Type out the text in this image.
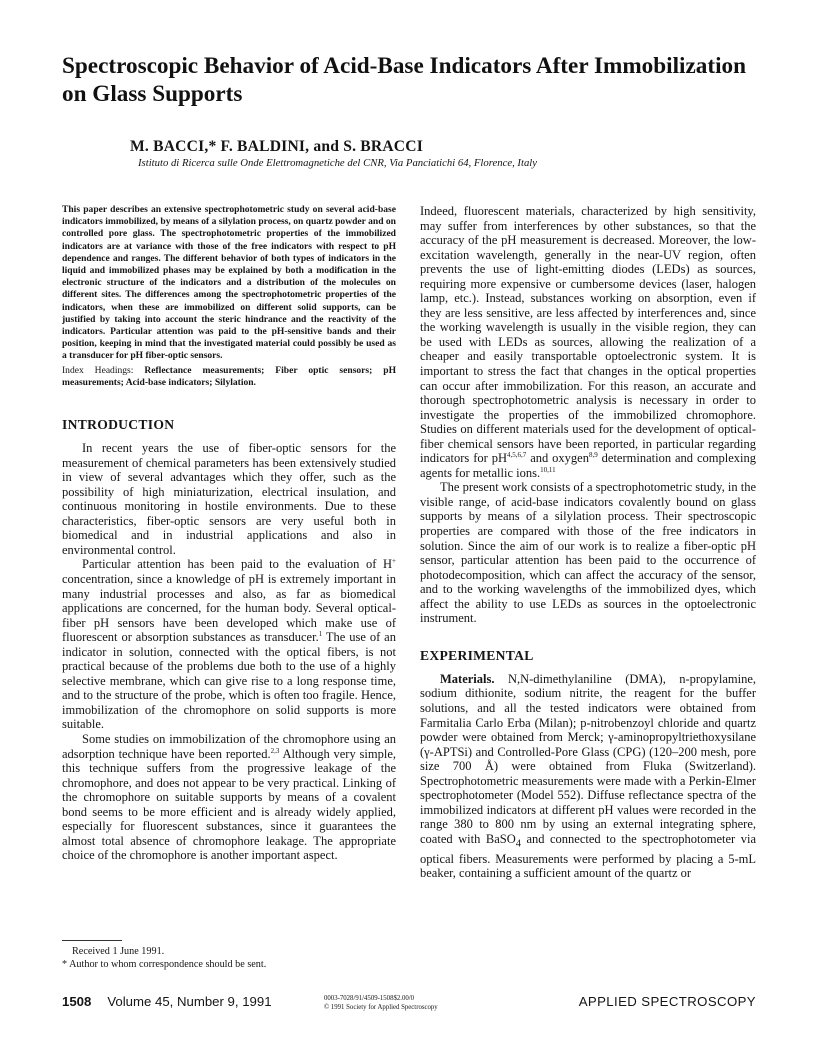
Spectroscopic Behavior of Acid-Base Indicators After Immobilization on Glass Supports

M. BACCI,* F. BALDINI, and S. BRACCI

Istituto di Ricerca sulle Onde Elettromagnetiche del CNR, Via Panciatichi 64, Florence, Italy

This paper describes an extensive spectrophotometric study on several acid-base indicators immobilized, by means of a silylation process, on quartz powder and on controlled pore glass. The spectrophotometric properties of the immobilized indicators are at variance with those of the free indicators with respect to pH dependence and ranges. The different behavior of both types of indicators in the liquid and immobilized phases may be explained by both a modification in the electronic structure of the indicators and a distribution of the molecules on different sites. The differences among the spectrophotometric properties of the indicators, when these are immobilized on different solid supports, can be justified by taking into account the steric hindrance and the reactivity of the indicators. Particular attention was paid to the pH-sensitive bands and their position, keeping in mind that the investigated material could possibly be used as a transducer for pH fiber-optic sensors.

Index Headings: Reflectance measurements; Fiber optic sensors; pH measurements; Acid-base indicators; Silylation.

INTRODUCTION

In recent years the use of fiber-optic sensors for the measurement of chemical parameters has been extensively studied in view of several advantages which they offer, such as the possibility of high miniaturization, electrical insulation, and continuous monitoring in hostile environments. Due to these characteristics, fiber-optic sensors are very useful both in biomedical and in industrial applications and also in environmental control.

Particular attention has been paid to the evaluation of H+ concentration, since a knowledge of pH is extremely important in many industrial processes and also, as far as biomedical applications are concerned, for the human body. Several optical-fiber pH sensors have been developed which make use of fluorescent or absorption substances as transducer.$^1$ The use of an indicator in solution, connected with the optical fibers, is not practical because of the problems due both to the use of a highly selective membrane, which can give rise to a long response time, and to the structure of the probe, which is often too fragile. Hence, immobilization of the chromophore on solid supports is more suitable.

Some studies on immobilization of the chromophore using an adsorption technique have been reported.$^{2,3}$ Although very simple, this technique suffers from the progressive leakage of the chromophore, and does not appear to be very practical. Linking of the chromophore on suitable supports by means of a covalent bond seems to be more efficient and is already widely applied, especially for fluorescent substances, since it guarantees the almost total absence of chromophore leakage. The appropriate choice of the chromophore is another important aspect.

Indeed, fluorescent materials, characterized by high sensitivity, may suffer from interferences by other substances, so that the accuracy of the pH measurement is decreased. Moreover, the low-excitation wavelength, generally in the near-UV region, often prevents the use of light-emitting diodes (LEDs) as sources, requiring more expensive or cumbersome devices (laser, halogen lamp, etc.). Instead, substances working on absorption, even if they are less sensitive, are less affected by interferences and, since the working wavelength is usually in the visible region, they can be used with LEDs as sources, allowing the realization of a cheaper and easily transportable optoelectronic system. It is important to stress the fact that changes in the optical properties can occur after immobilization. For this reason, an accurate and thorough spectrophotometric analysis is necessary in order to investigate the properties of the immobilized chromophore. Studies on different materials used for the development of optical-fiber chemical sensors have been reported, in particular regarding indicators for pH$^{4,5,6,7}$ and oxygen$^{8,9}$ determination and complexing agents for metallic ions.$^{10,11}$

The present work consists of a spectrophotometric study, in the visible range, of acid-base indicators covalently bound on glass supports by means of a silylation process. Their spectroscopic properties are compared with those of the free indicators in solution. Since the aim of our work is to realize a fiber-optic pH sensor, particular attention has been paid to the occurrence of photodecomposition, which can affect the accuracy of the sensor, and to the working wavelengths of the immobilized dyes, which affect the ability to use LEDs as sources in the optoelectronic instrument.

EXPERIMENTAL

Materials. N,N-dimethylaniline (DMA), n-propylamine, sodium dithionite, sodium nitrite, the reagent for the buffer solutions, and all the tested indicators were obtained from Farmitalia Carlo Erba (Milan); p-nitrobenzoyl chloride and quartz powder were obtained from Merck; γ-aminopropyltriethoxysilane (γ-APTSi) and Controlled-Pore Glass (CPG) (120–200 mesh, pore size 700 Å) were obtained from Fluka (Switzerland). Spectrophotometric measurements were made with a Perkin-Elmer spectrophotometer (Model 552). Diffuse reflectance spectra of the immobilized indicators at different pH values were recorded in the range 380 to 800 nm by using an external integrating sphere, coated with BaSO$_4$ and connected to the spectrophotometer via optical fibers. Measurements were performed by placing a 5-mL beaker, containing a sufficient amount of the quartz or

Received 1 June 1991.

* Author to whom correspondence should be sent.

1508 Volume 45, Number 9, 1991	0003-7028/91/4509-1508$2.00/0
© 1991 Society for Applied Spectroscopy	APPLIED SPECTROSCOPY
